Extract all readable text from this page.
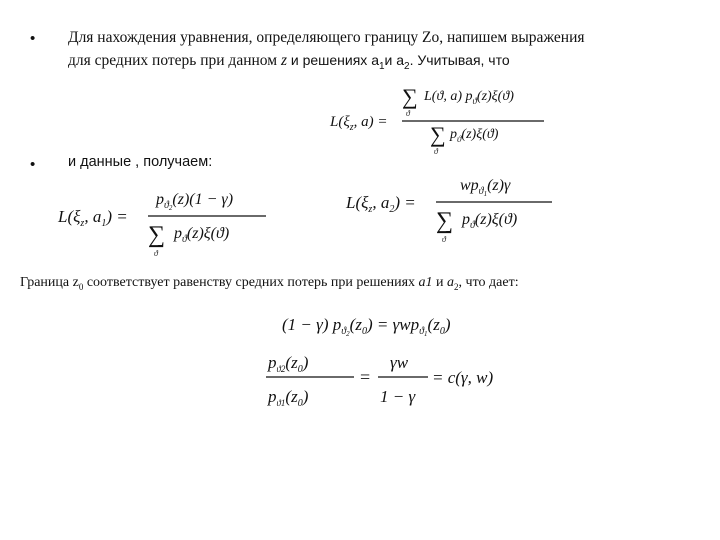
• Для нахождения уравнения, определяющего границу Zo, напишем выражения
для средних потерь при данном z и решениях $a_1и$ $a_2$. Учитывая, что
$L(\xi_z$, a) =
∑
ϑ
L(ϑ, a) $p_ϑ(z)\xi(ϑ)$
∑
ϑ
$p_ϑ(z)\xi(ϑ)$
• и данные , получаем:
$L(\xi_z$, $a_1$) =
$p_ϑ2(z)(1 - \gamma)$
∑
ϑ
$p_ϑ(z)\xi(ϑ)$
$L(\xi_z$, $a_2$) =
$wp_ϑ1(z)\gamma$
∑
ϑ
$p_ϑ(z)\xi(ϑ)$
Граница $z_0$ соответствует равенству средних потерь при решениях a1 и $a_2$, что дает:
(1 − γ) $p_ϑ2(z_0) = \gamma wp_ϑ1(z_0)$
$p_{ϑ2}(z_0)$
$p_{ϑ1}(z_0)$
=
γw
1 − γ
= c(γ, w)
